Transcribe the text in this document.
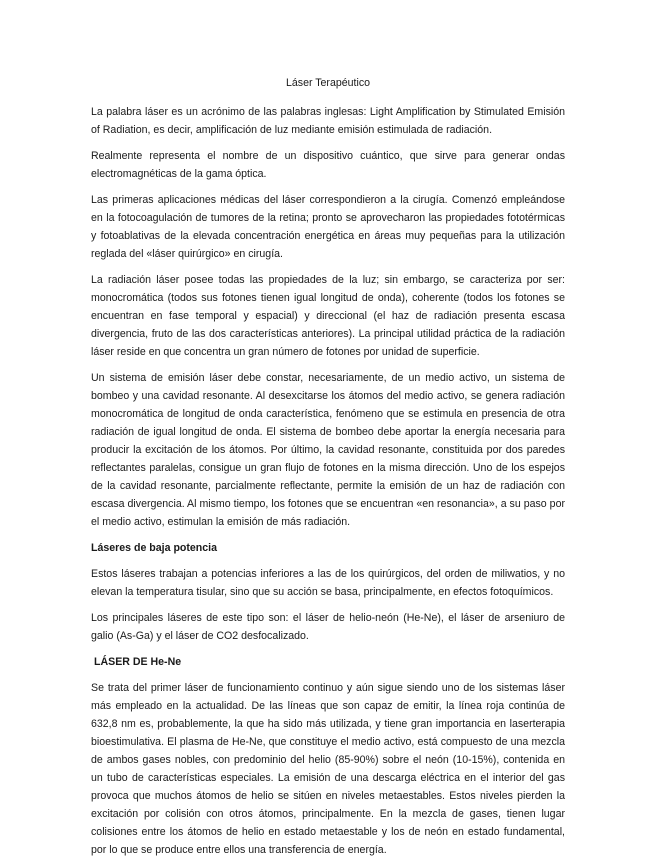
Láser Terapéutico

La palabra láser es un acrónimo de las palabras inglesas: Light Amplification by Stimulated Emisión of Radiation, es decir, amplificación de luz mediante emisión estimulada de radiación.

Realmente representa el nombre de un dispositivo cuántico, que sirve para generar ondas electromagnéticas de la gama óptica.

Las primeras aplicaciones médicas del láser correspondieron a la cirugía. Comenzó empleándose en la fotocoagulación de tumores de la retina; pronto se aprovecharon las propiedades fototérmicas y fotoablativas de la elevada concentración energética en áreas muy pequeñas para la utilización reglada del «láser quirúrgico» en cirugía.

La radiación láser posee todas las propiedades de la luz; sin embargo, se caracteriza por ser: monocromática (todos sus fotones tienen igual longitud de onda), coherente (todos los fotones se encuentran en fase temporal y espacial) y direccional (el haz de radiación presenta escasa divergencia, fruto de las dos características anteriores). La principal utilidad práctica de la radiación láser reside en que concentra un gran número de fotones por unidad de superficie.

Un sistema de emisión láser debe constar, necesariamente, de un medio activo, un sistema de bombeo y una cavidad resonante. Al desexcitarse los átomos del medio activo, se genera radiación monocromática de longitud de onda característica, fenómeno que se estimula en presencia de otra radiación de igual longitud de onda. El sistema de bombeo debe aportar la energía necesaria para producir la excitación de los átomos. Por último, la cavidad resonante, constituida por dos paredes reflectantes paralelas, consigue un gran flujo de fotones en la misma dirección. Uno de los espejos de la cavidad resonante, parcialmente reflectante, permite la emisión de un haz de radiación con escasa divergencia. Al mismo tiempo, los fotones que se encuentran «en resonancia», a su paso por el medio activo, estimulan la emisión de más radiación.

Láseres de baja potencia

Estos láseres trabajan a potencias inferiores a las de los quirúrgicos, del orden de miliwatios, y no elevan la temperatura tisular, sino que su acción se basa, principalmente, en efectos fotoquímicos.

Los principales láseres de este tipo son: el láser de helio-neón (He-Ne), el láser de arseniuro de galio (As-Ga) y el láser de CO2 desfocalizado.

LÁSER DE He-Ne

Se trata del primer láser de funcionamiento continuo y aún sigue siendo uno de los sistemas láser más empleado en la actualidad. De las líneas que son capaz de emitir, la línea roja continúa de 632,8 nm es, probablemente, la que ha sido más utilizada, y tiene gran importancia en laserterapia bioestimulativa. El plasma de He-Ne, que constituye el medio activo, está compuesto de una mezcla de ambos gases nobles, con predominio del helio (85-90%) sobre el neón (10-15%), contenida en un tubo de características especiales. La emisión de una descarga eléctrica en el interior del gas provoca que muchos átomos de helio se sitúen en niveles metaestables. Estos niveles pierden la excitación por colisión con otros átomos, principalmente. En la mezcla de gases, tienen lugar colisiones entre los átomos de helio en estado metaestable y los de neón en estado fundamental, por lo que se produce entre ellos una transferencia de energía.
